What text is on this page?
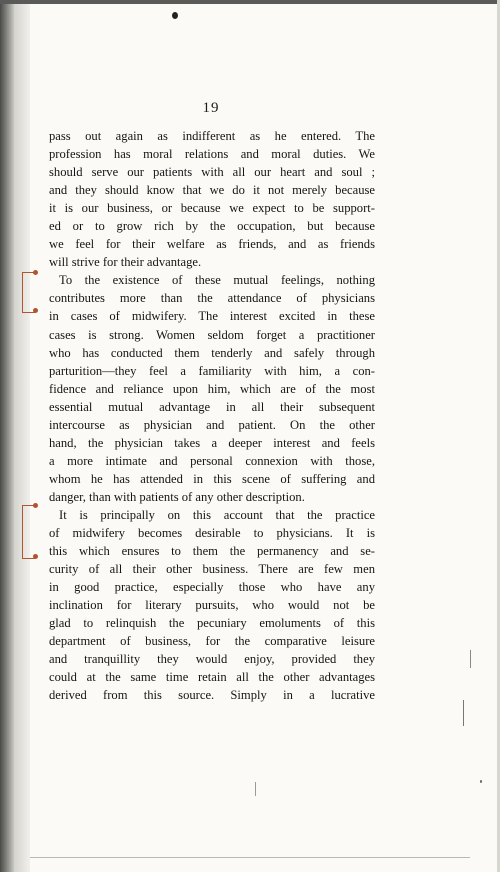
19
pass out again as indifferent as he entered. The
profession has moral relations and moral duties. We
should serve our patients with all our heart and soul ;
and they should know that we do it not merely because
it is our business, or because we expect to be support-
ed or to grow rich by the occupation, but because
we feel for their welfare as friends, and as friends
will strive for their advantage.
To the existence of these mutual feelings, nothing
contributes more than the attendance of physicians
in cases of midwifery. The interest excited in these
cases is strong. Women seldom forget a practitioner
who has conducted them tenderly and safely through
parturition—they feel a familiarity with him, a con-
fidence and reliance upon him, which are of the most
essential mutual advantage in all their subsequent
intercourse as physician and patient. On the other
hand, the physician takes a deeper interest and feels
a more intimate and personal connexion with those,
whom he has attended in this scene of suffering and
danger, than with patients of any other description.
It is principally on this account that the practice
of midwifery becomes desirable to physicians. It is
this which ensures to them the permanency and se-
curity of all their other business. There are few men
in good practice, especially those who have any
inclination for literary pursuits, who would not be
glad to relinquish the pecuniary emoluments of this
department of business, for the comparative leisure
and tranquillity they would enjoy, provided they
could at the same time retain all the other advantages
derived from this source. Simply in a lucrative
